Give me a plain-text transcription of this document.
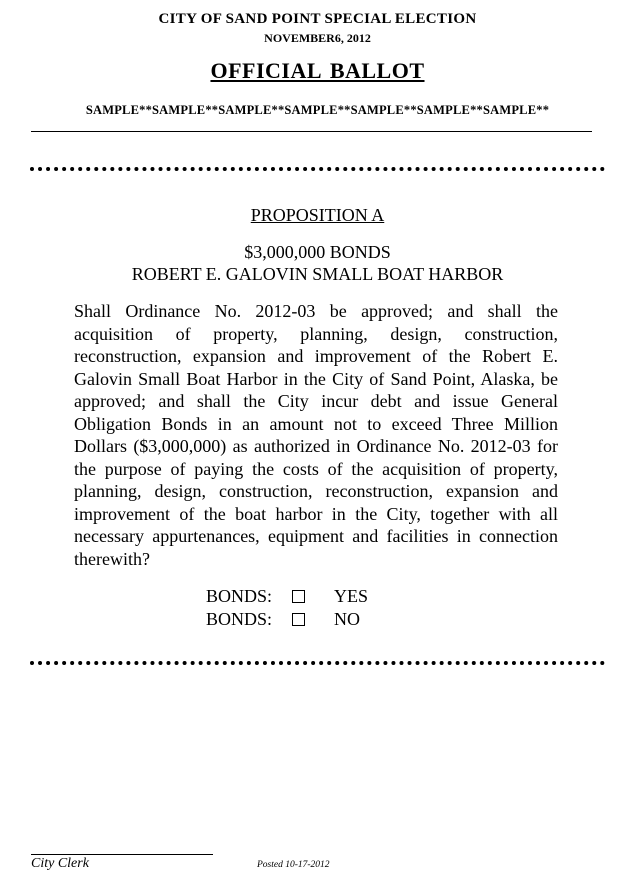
CITY OF SAND POINT SPECIAL ELECTION
NOVEMBER6, 2012
OFFICIAL BALLOT
SAMPLE**SAMPLE**SAMPLE**SAMPLE**SAMPLE**SAMPLE**SAMPLE**
PROPOSITION A
$3,000,000 BONDS
ROBERT E. GALOVIN SMALL BOAT HARBOR
Shall Ordinance No. 2012-03 be approved; and shall the acquisition of property, planning, design, construction, reconstruction, expansion and improvement of the Robert E. Galovin Small Boat Harbor in the City of Sand Point, Alaska, be approved; and shall the City incur debt and issue General Obligation Bonds in an amount not to exceed Three Million Dollars ($3,000,000) as authorized in Ordinance No. 2012-03 for the purpose of paying the costs of the acquisition of property, planning, design, construction, reconstruction, expansion and improvement of the boat harbor in the City, together with all necessary appurtenances, equipment and facilities in connection therewith?
BONDS:	YES
BONDS:	NO
City Clerk	Posted 10-17-2012
